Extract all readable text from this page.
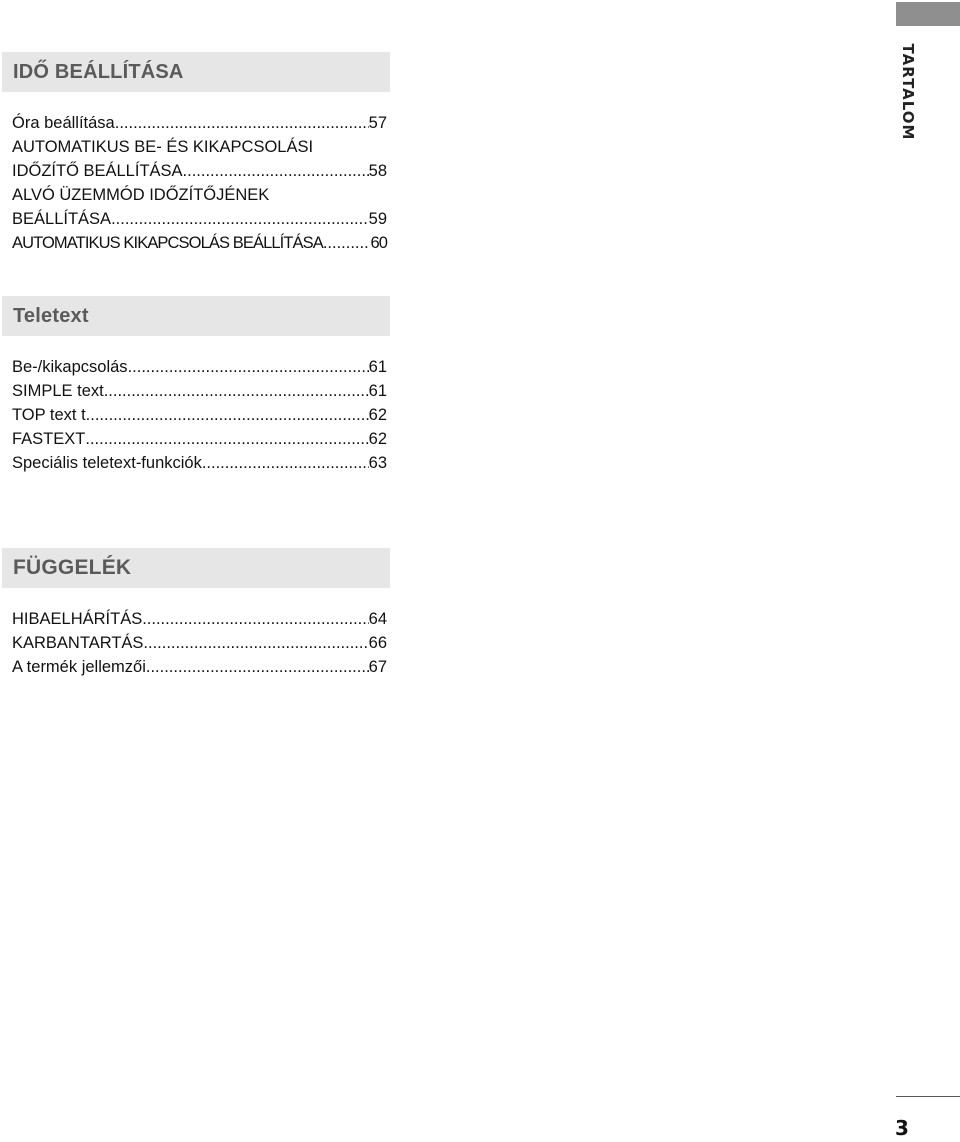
TARTALOM
IDŐ BEÁLLÍTÁSA
Óra beállítása .....	57
AUTOMATIKUS BE- ÉS KIKAPCSOLÁSI
IDŐZÍTŐ BEÁLLÍTÁSA .....	58
ALVÓ ÜZEMMÓD IDŐZÍTŐJÉNEK
BEÁLLÍTÁSA .....	59
AUTOMATIKUS KIKAPCSOLÁS BEÁLLÍTÁSA .....	60
Teletext
Be-/kikapcsolás .....	61
SIMPLE text .....	61
TOP text t .....	62
FASTEXT .....	62
Speciális teletext-funkciók .....	63
FÜGGELÉK
HIBAELHÁRÍTÁS .....	64
KARBANTARTÁS .....	66
A termék jellemzői .....	67
3
